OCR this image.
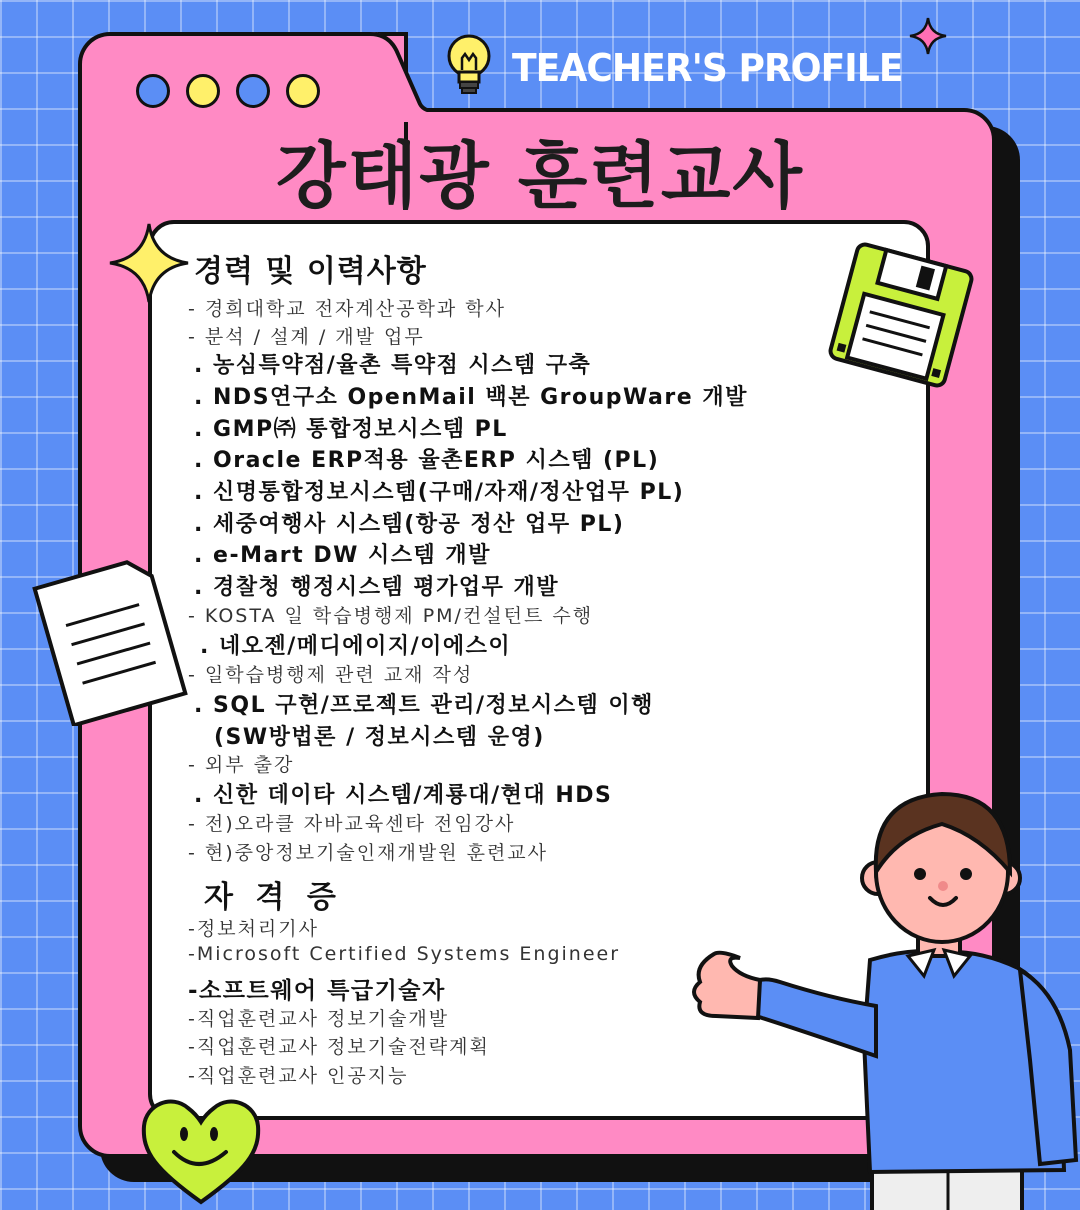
TEACHER'S PROFILE
강태광 훈련교사
경력 및 이력사항
- 경희대학교 전자계산공학과 학사
- 분석 / 설계 / 개발 업무
. 농심특약점/율촌 특약점 시스템 구축
. NDS연구소 OpenMail 백본 GroupWare 개발
. GMP㈜ 통합정보시스템 PL
. Oracle ERP적용 율촌ERP 시스템 (PL)
. 신명통합정보시스템(구매/자재/정산업무 PL)
. 세중여행사 시스템(항공 정산 업무 PL)
. e-Mart DW 시스템 개발
. 경찰청 행정시스템 평가업무 개발
- KOSTA 일 학습병행제 PM/컨설턴트 수행
. 네오젠/메디에이지/이에스이
- 일학습병행제 관련 교재 작성
. SQL 구현/프로젝트 관리/정보시스템 이행
(SW방법론 / 정보시스템 운영)
- 외부 출강
. 신한 데이타 시스템/계룡대/현대 HDS
- 전)오라클 자바교육센타 전임강사
- 현)중앙정보기술인재개발원 훈련교사
자 격 증
-정보처리기사
-Microsoft Certified Systems Engineer
-소프트웨어 특급기술자
-직업훈련교사 정보기술개발
-직업훈련교사 정보기술전략계획
-직업훈련교사 인공지능
